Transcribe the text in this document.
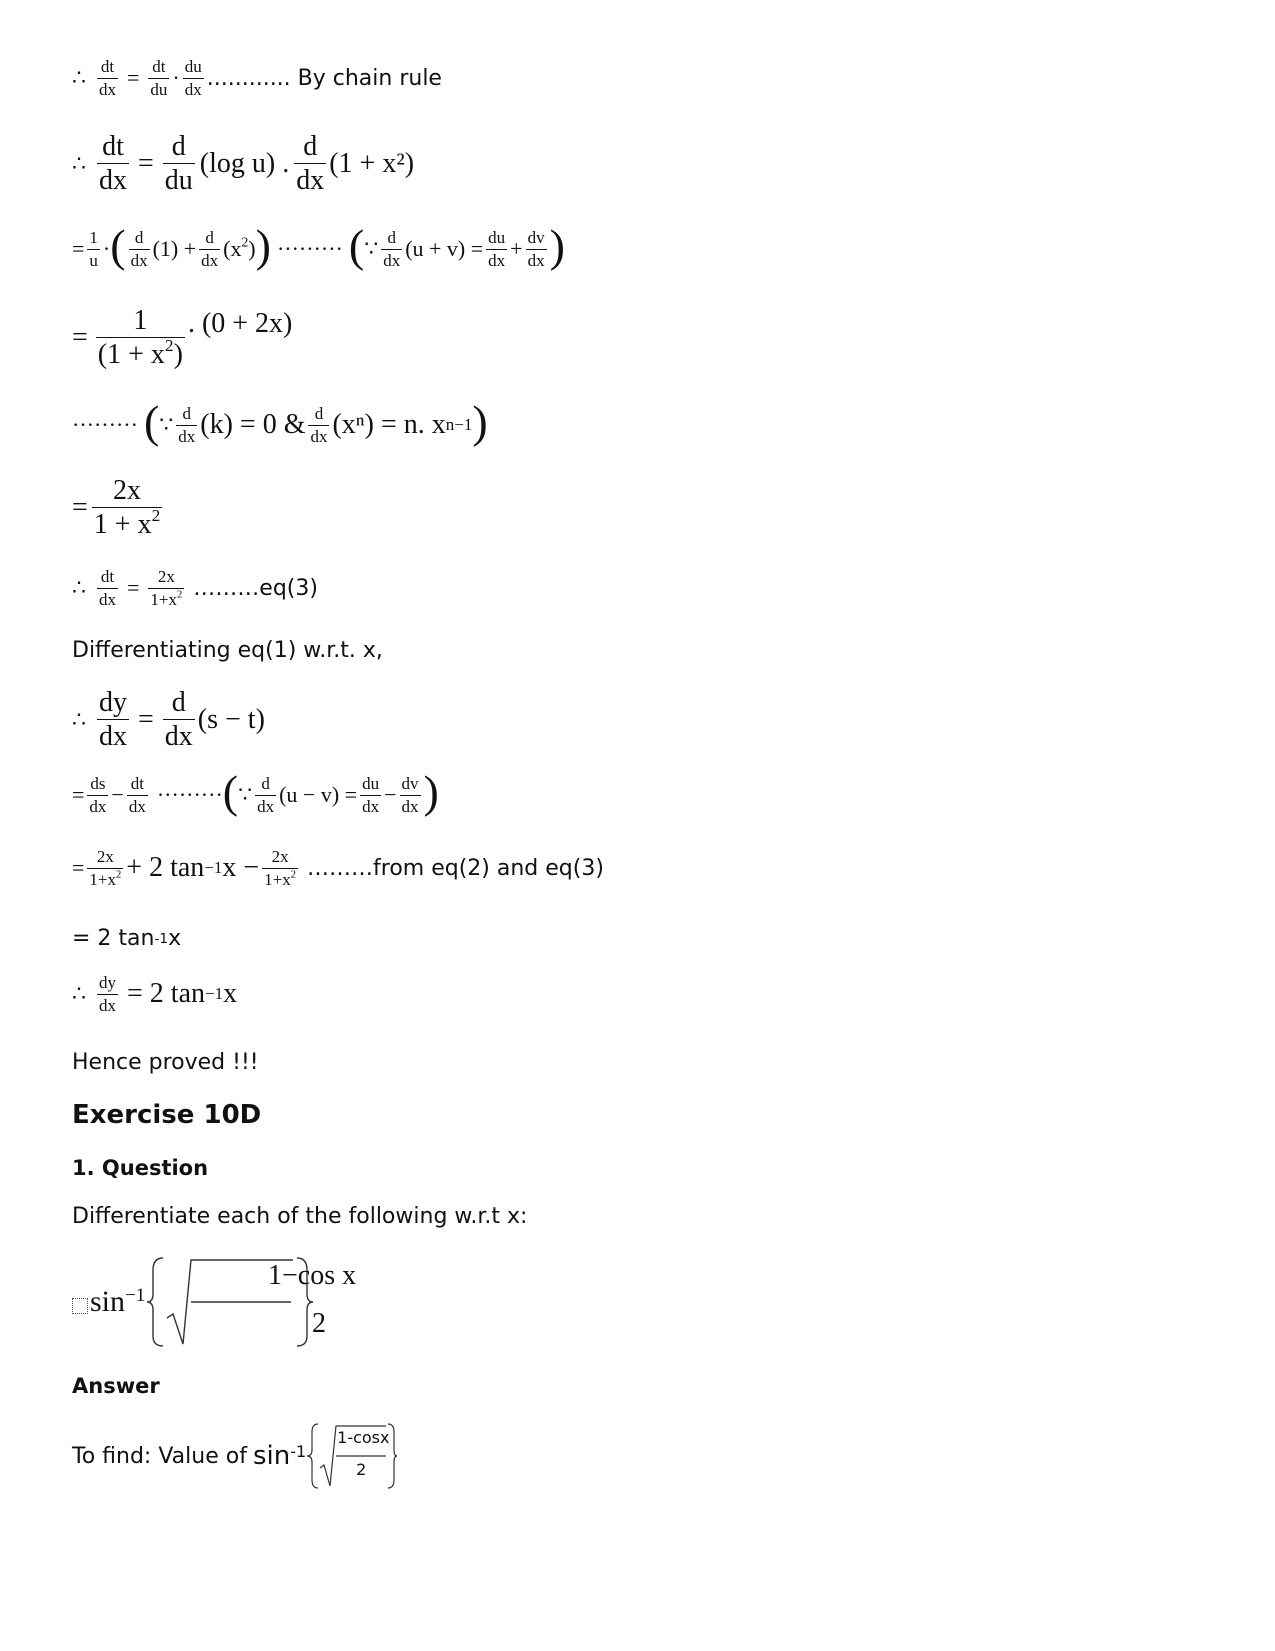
∴ $\frac{dt}{dx} = \frac{dt}{du} \cdot \frac{du}{dx}$ ............ By chain rule
∴ $\frac{dt}{dx} = \frac{d}{du} (\log$ u) . $\frac{d}{dx} (1 + x^2)$
= $\frac{1}{u}$ · ( $\frac{d}{dx} (1) + \frac{d}{dx} (x^2)$ ) ········· ( ∵ $\frac{d}{dx} (u + v) = \frac{du}{dx} + \frac{dv}{dx}$ )
= $\frac{1}{(1 + x^2)}$ . (0 + 2x)
········· ( ∵ $\frac{d}{dx} (k) = 0$ & $\frac{d}{dx} (x^n) = n$. x n−1 )
= $\frac{2x}{1 + x^2}$
∴ $\frac{dt}{dx} = \frac{2x}{1+x^2}$ ………eq(3)
Differentiating eq(1) w.r.t. x,
∴ $\frac{dy}{dx} = \frac{d}{dx} (s - t)$
= $\frac{ds}{dx} - \frac{dt}{dx}$ ········· ( ∵ $\frac{d}{dx} (u - v) = \frac{du}{dx} - \frac{dv}{dx}$ )
= $\frac{2x}{1+x^2} + 2$ tan −1 $x - \frac{2x}{1+x^2}$ ………from eq(2) and eq(3)
= 2 tan -1 x
∴ $\frac{dy}{dx} = 2$ tan −1 x
Hence proved !!!
Exercise 10D
1. Question
Differentiate each of the following w.r.t x:
sin −1
1−cos x
2
Answer
To find: Value of sin -1
1-cosx
2
